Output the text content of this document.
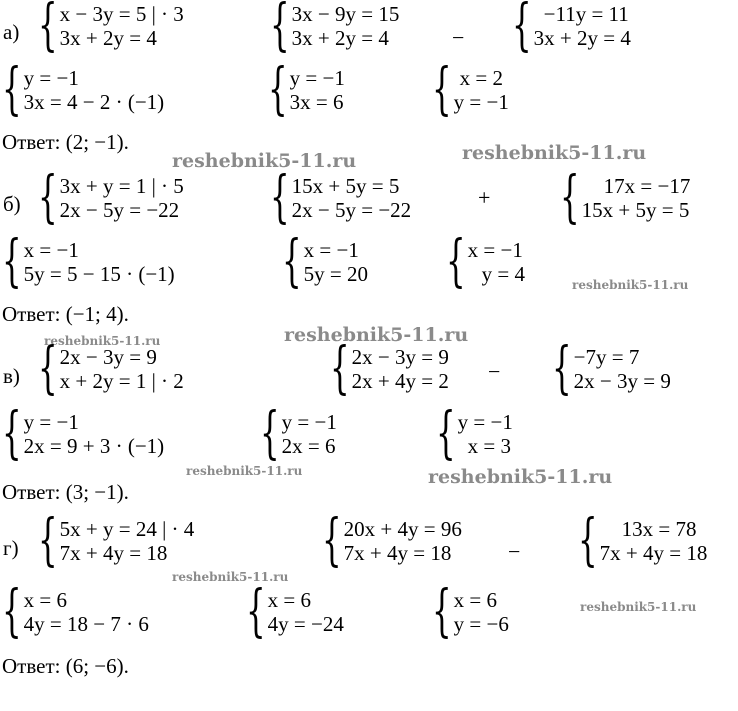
а) { x − 3y = 5 | · 3
3x + 2y = 4	{ 3x − 9y = 15
3x + 2y = 4	− { −11y = 11
3x + 2y = 4
{ y = −1
3x = 4 − 2 · (−1) { y = −1
3x = 6 { x = 2
y = −1
Ответ: (2; −1).
reshebnik5-11.ru	reshebnik5-11.ru
б) { 3x + y = 1 | · 5
2x − 5y = −22 { 15x + 5y = 5
2x − 5y = −22	+ {	17x = −17
15x + 5y = 5
{ x = −1
5y = 5 − 15 · (−1) { x = −1
5y = 20 { x = −1
y = 4	reshebnik5-11.ru
Ответ: (−1; 4).
reshebnik5-11.ru
reshebnik5-11.ru
в) { 2x − 3y = 9
x + 2y = 1 | · 2	{ 2x − 3y = 9
2x + 4y = 2 − { −7y = 7
2x − 3y = 9
{ y = −1
2x = 9 + 3 · (−1) { y = −1
2x = 6 { y = −1
x = 3
reshebnik5-11.ru	reshebnik5-11.ru
Ответ: (3; −1).
г) { 5x + y = 24 | · 4
7x + 4y = 18	{ 20x + 4y = 96
7x + 4y = 18	− {	13x = 78
7x + 4y = 18
reshebnik5-11.ru
{ x = 6
4y = 18 − 7 · 6 { x = 6
4y = −24 { x = 6
y = −6
reshebnik5-11.ru
Ответ: (6; −6).
